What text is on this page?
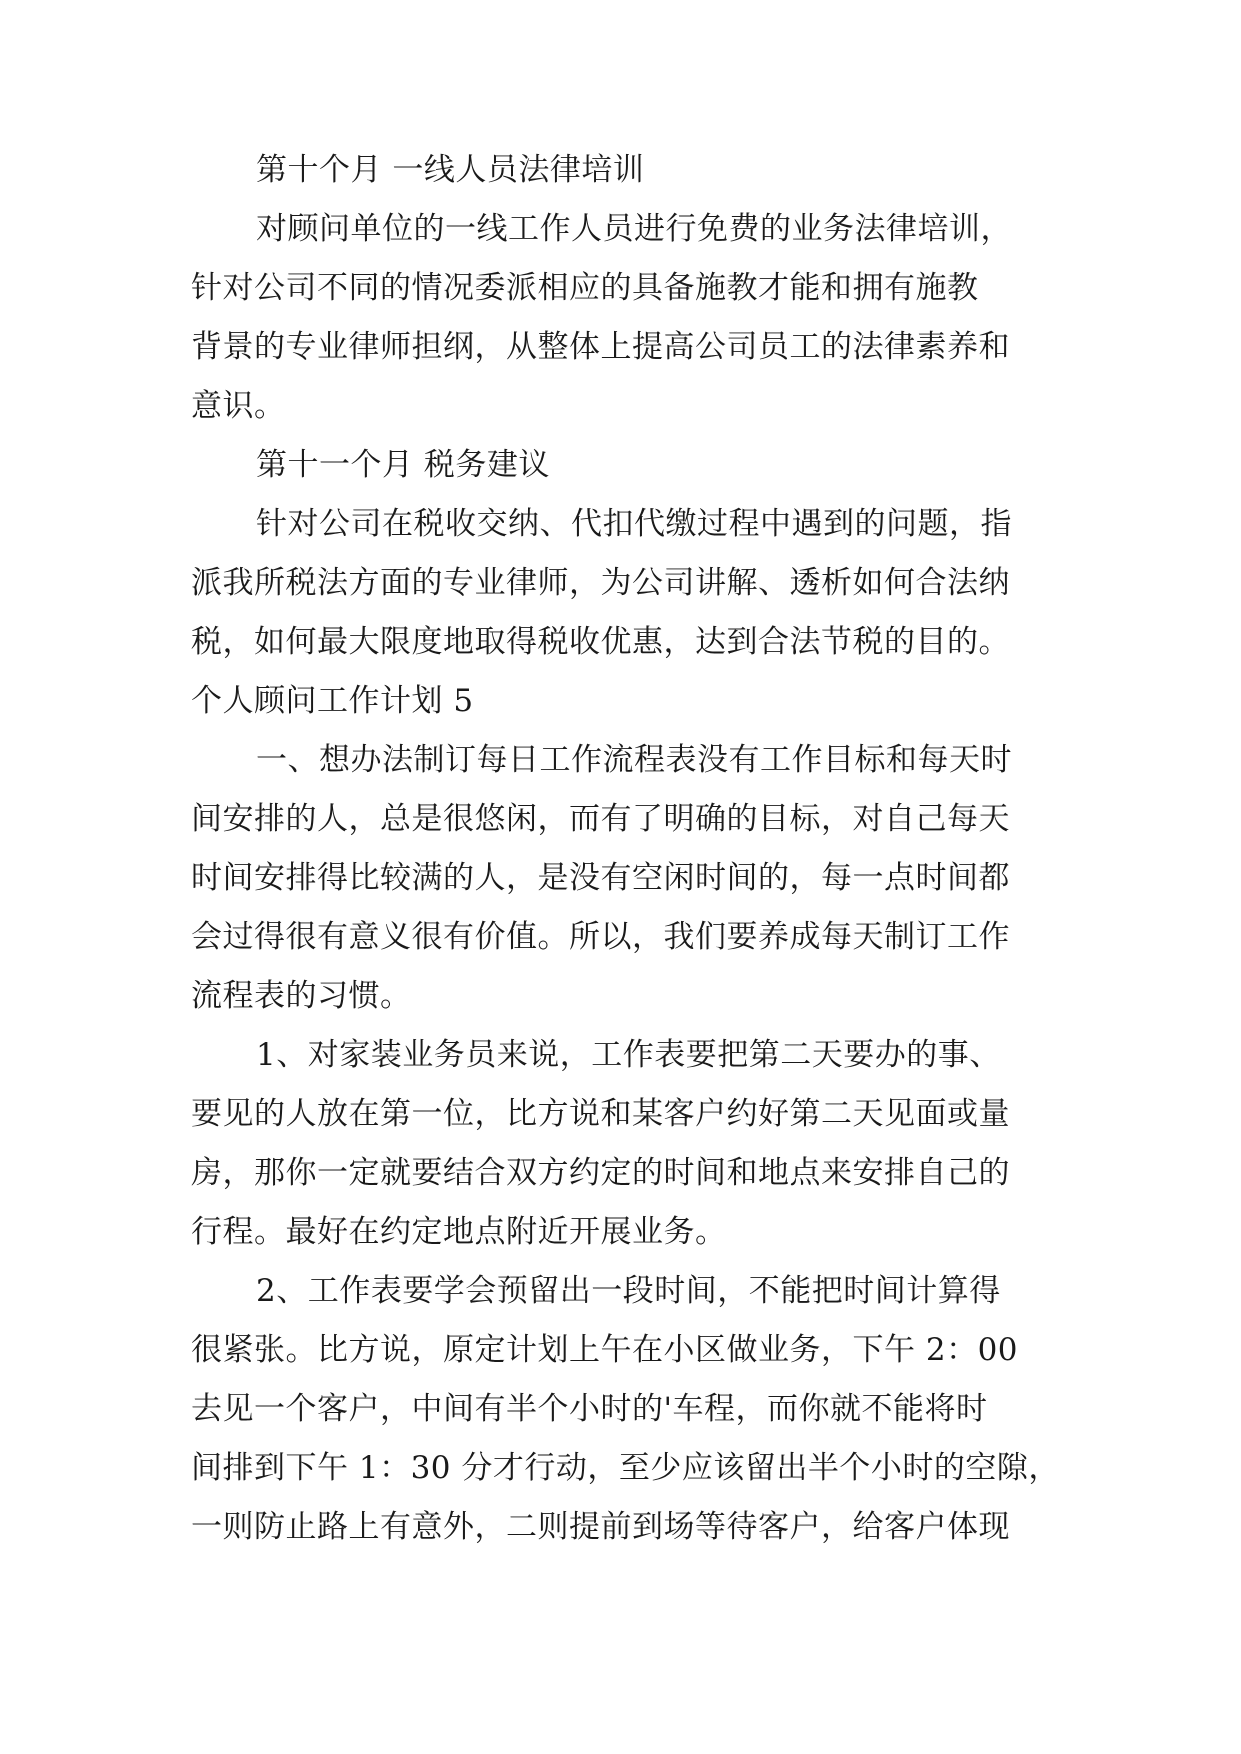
第十个月 一线人员法律培训
对顾问单位的一线工作人员进行免费的业务法律培训，
针对公司不同的情况委派相应的具备施教才能和拥有施教
背景的专业律师担纲，从整体上提高公司员工的法律素养和
意识。
第十一个月 税务建议
针对公司在税收交纳、代扣代缴过程中遇到的问题，指
派我所税法方面的专业律师，为公司讲解、透析如何合法纳
税，如何最大限度地取得税收优惠，达到合法节税的目的。
个人顾问工作计划 5
一、想办法制订每日工作流程表没有工作目标和每天时
间安排的人，总是很悠闲，而有了明确的目标，对自己每天
时间安排得比较满的人，是没有空闲时间的，每一点时间都
会过得很有意义很有价值。所以，我们要养成每天制订工作
流程表的习惯。
1、对家装业务员来说，工作表要把第二天要办的事、
要见的人放在第一位，比方说和某客户约好第二天见面或量
房，那你一定就要结合双方约定的时间和地点来安排自己的
行程。最好在约定地点附近开展业务。
2、工作表要学会预留出一段时间，不能把时间计算得
很紧张。比方说，原定计划上午在小区做业务，下午 2：00
去见一个客户，中间有半个小时的'车程，而你就不能将时
间排到下午 1：30 分才行动，至少应该留出半个小时的空隙，
一则防止路上有意外，二则提前到场等待客户，给客户体现
